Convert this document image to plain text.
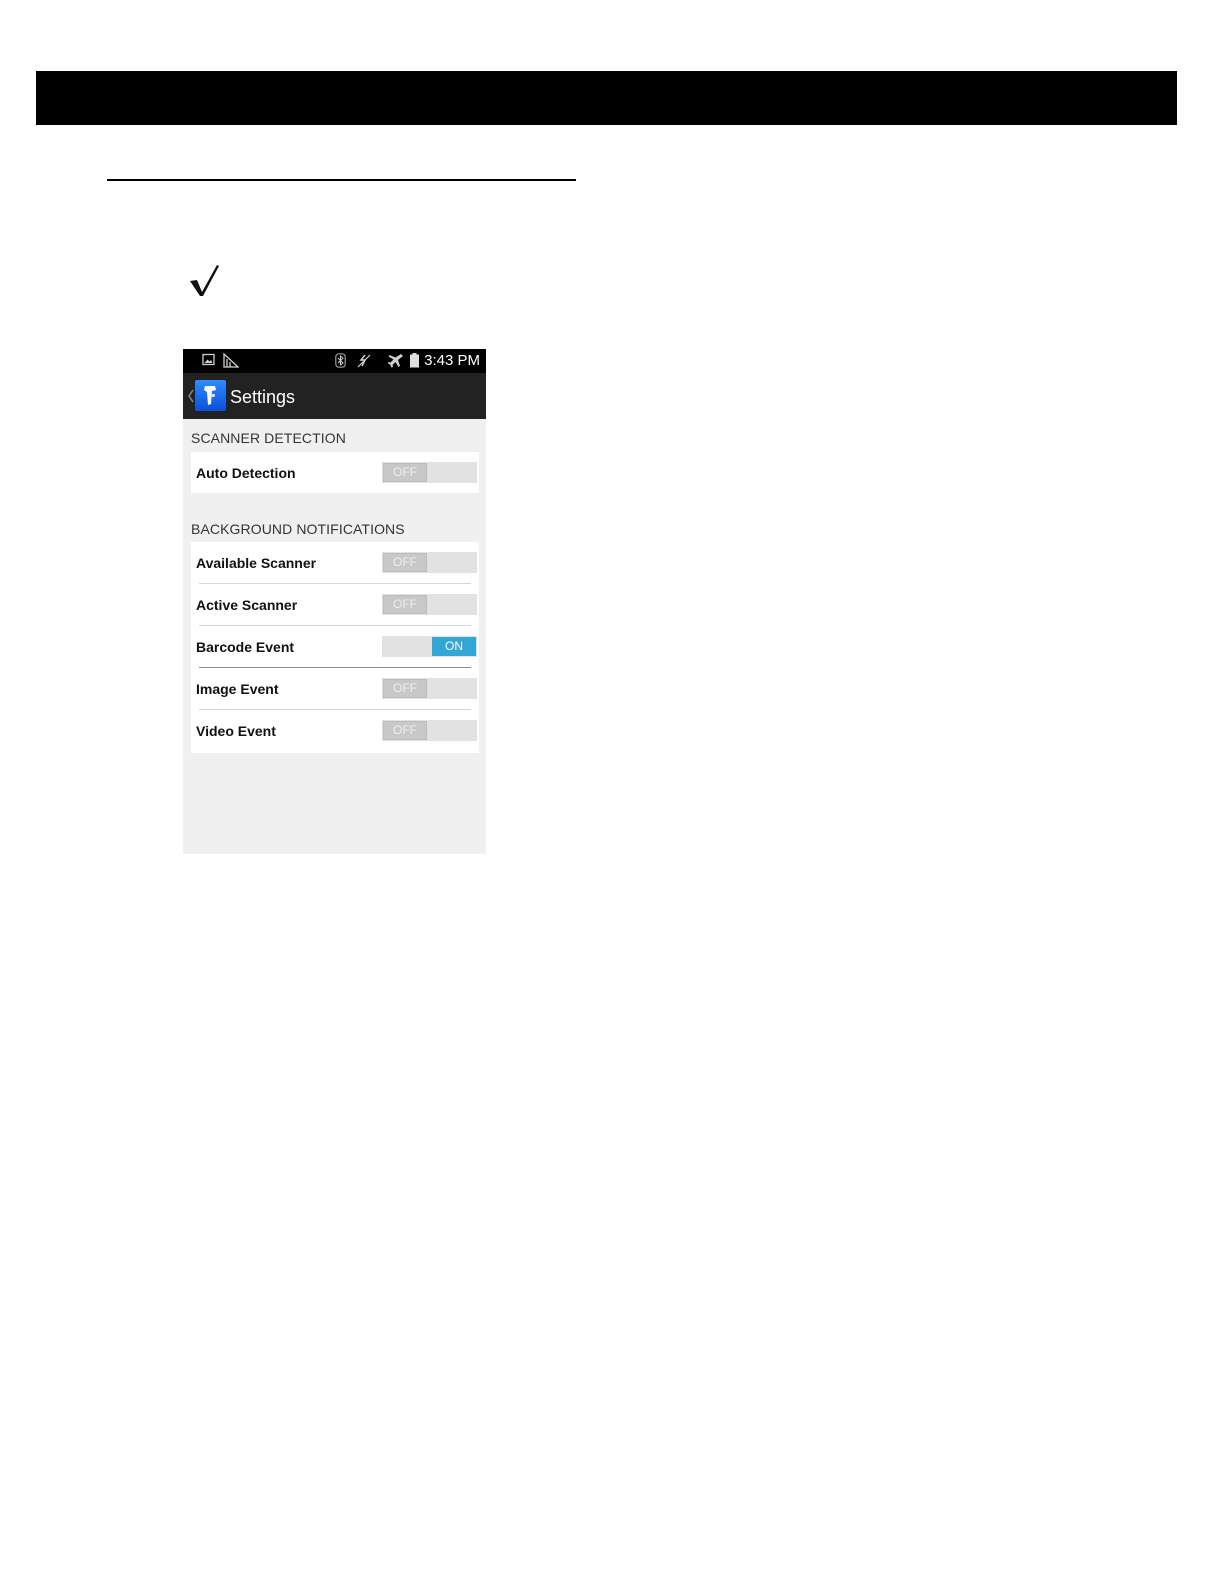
3:43 PM
Settings
SCANNER DETECTION
Auto Detection	OFF
BACKGROUND NOTIFICATIONS
Available Scanner	OFF
Active Scanner	OFF
Barcode Event	ON
Image Event	OFF
Video Event	OFF
